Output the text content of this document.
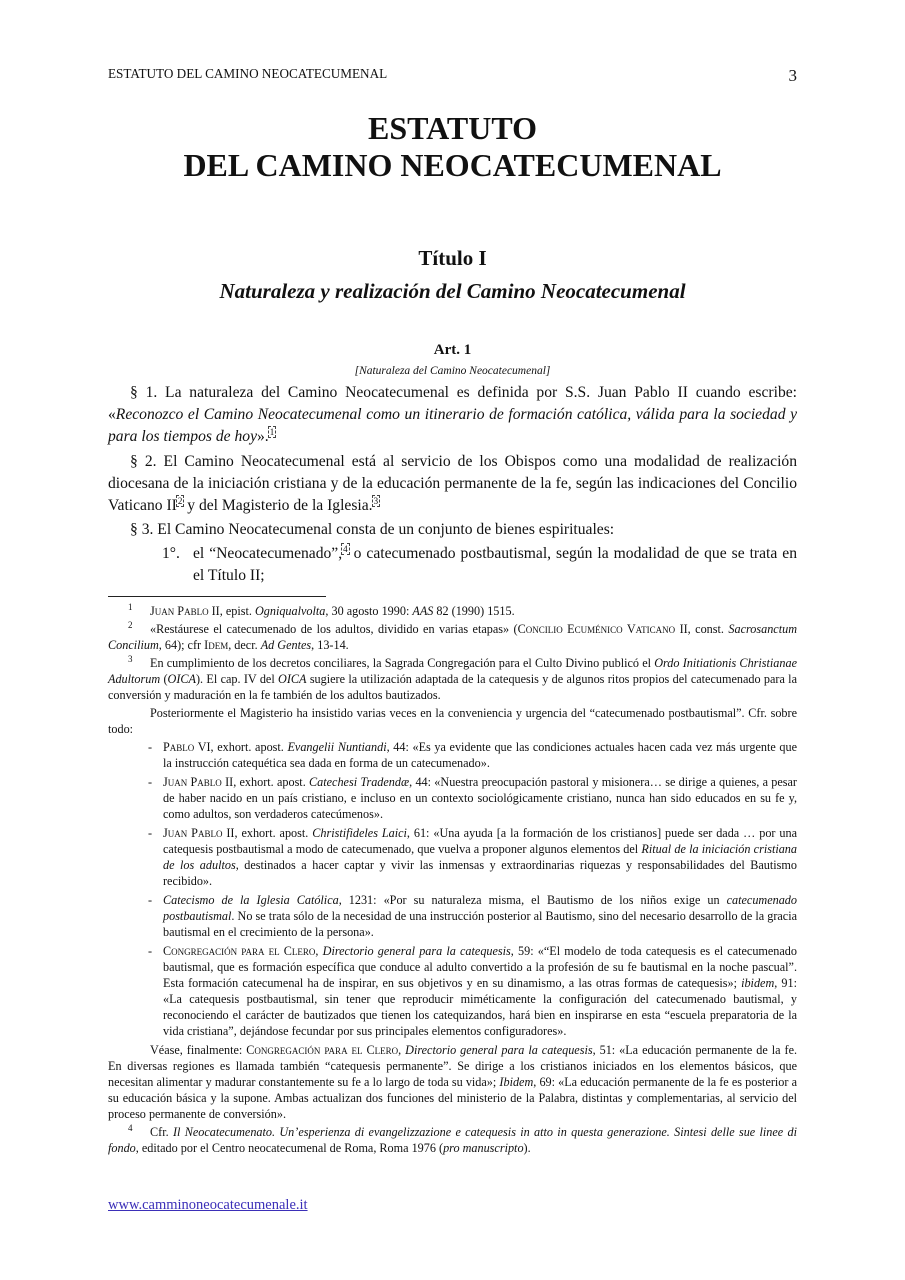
ESTATUTO DEL CAMINO NEOCATECUMENAL	3
ESTATUTO
DEL CAMINO NEOCATECUMENAL
Título I
Naturaleza y realización del Camino Neocatecumenal
Art. 1
[Naturaleza del Camino Neocatecumenal]

§ 1. La naturaleza del Camino Neocatecumenal es definida por S.S. Juan Pablo II cuando escribe: «Reconozco el Camino Neocatecumenal como un itinerario de formación católica, válida para la sociedad y para los tiempos de hoy».$^1$

§ 2. El Camino Neocatecumenal está al servicio de los Obispos como una modalidad de realización diocesana de la iniciación cristiana y de la educación permanente de la fe, según las indicaciones del Concilio Vaticano II$^2$ y del Magisterio de la Iglesia.$^3$

§ 3. El Camino Neocatecumenal consta de un conjunto de bienes espirituales:

1°. el “Neocatecumenado”,$^4$ o catecumenado postbautismal, según la modalidad de que se trata en el Título II;

1 Juan Pablo II, epist. Ogniqualvolta, 30 agosto 1990: AAS 82 (1990) 1515.

2 «Restáurese el catecumenado de los adultos, dividido en varias etapas» (Concilio Ecuménico Vaticano II, const. Sacrosanctum Concilium, 64); cfr Idem, decr. Ad Gentes, 13-14.

3 En cumplimiento de los decretos conciliares, la Sagrada Congregación para el Culto Divino publicó el Ordo Initiationis Christianae Adultorum (OICA). El cap. IV del OICA sugiere la utilización adaptada de la catequesis y de algunos ritos propios del catecumenado para la conversión y maduración en la fe también de los adultos bautizados.

Posteriormente el Magisterio ha insistido varias veces en la conveniencia y urgencia del “catecumenado postbautismal”. Cfr. sobre todo:

- Pablo VI, exhort. apost. Evangelii Nuntiandi, 44: «Es ya evidente que las condiciones actuales hacen cada vez más urgente que la instrucción catequética sea dada en forma de un catecumenado».
- Juan Pablo II, exhort. apost. Catechesi Tradendæ, 44: «Nuestra preocupación pastoral y misionera… se dirige a quienes, a pesar de haber nacido en un país cristiano, e incluso en un contexto sociológicamente cristiano, nunca han sido educados en su fe y, como adultos, son verdaderos catecúmenos».
- Juan Pablo II, exhort. apost. Christifideles Laici, 61: «Una ayuda [a la formación de los cristianos] puede ser dada … por una catequesis postbautismal a modo de catecumenado, que vuelva a proponer algunos elementos del Ritual de la iniciación cristiana de los adultos, destinados a hacer captar y vivir las inmensas y extraordinarias riquezas y responsabilidades del Bautismo recibido».
- Catecismo de la Iglesia Católica, 1231: «Por su naturaleza misma, el Bautismo de los niños exige un catecumenado postbautismal. No se trata sólo de la necesidad de una instrucción posterior al Bautismo, sino del necesario desarrollo de la gracia bautismal en el crecimiento de la persona».
- Congregación para el Clero, Directorio general para la catequesis, 59: «“El modelo de toda catequesis es el catecumenado bautismal, que es formación específica que conduce al adulto convertido a la profesión de su fe bautismal en la noche pascual”. Esta formación catecumenal ha de inspirar, en sus objetivos y en su dinamismo, a las otras formas de catequesis»; ibidem, 91: «La catequesis postbautismal, sin tener que reproducir miméticamente la configuración del catecumenado bautismal, y reconociendo el carácter de bautizados que tienen los catequizandos, hará bien en inspirarse en esta “escuela preparatoria de la vida cristiana”, dejándose fecundar por sus principales elementos configuradores».

Véase, finalmente: Congregación para el Clero, Directorio general para la catequesis, 51: «La educación permanente de la fe. En diversas regiones es llamada también “catequesis permanente”. Se dirige a los cristianos iniciados en los elementos básicos, que necesitan alimentar y madurar constantemente su fe a lo largo de toda su vida»; Ibidem, 69: «La educación permanente de la fe es posterior a su educación básica y la supone. Ambas actualizan dos funciones del ministerio de la Palabra, distintas y complementarias, al servicio del proceso permanente de conversión».

4 Cfr. Il Neocatecumenato. Un’esperienza di evangelizzazione e catequesis in atto in questa generazione. Sintesi delle sue linee di fondo, editado por el Centro neocatecumenal de Roma, Roma 1976 (pro manuscripto).

www.camminoneocatecumenale.it
